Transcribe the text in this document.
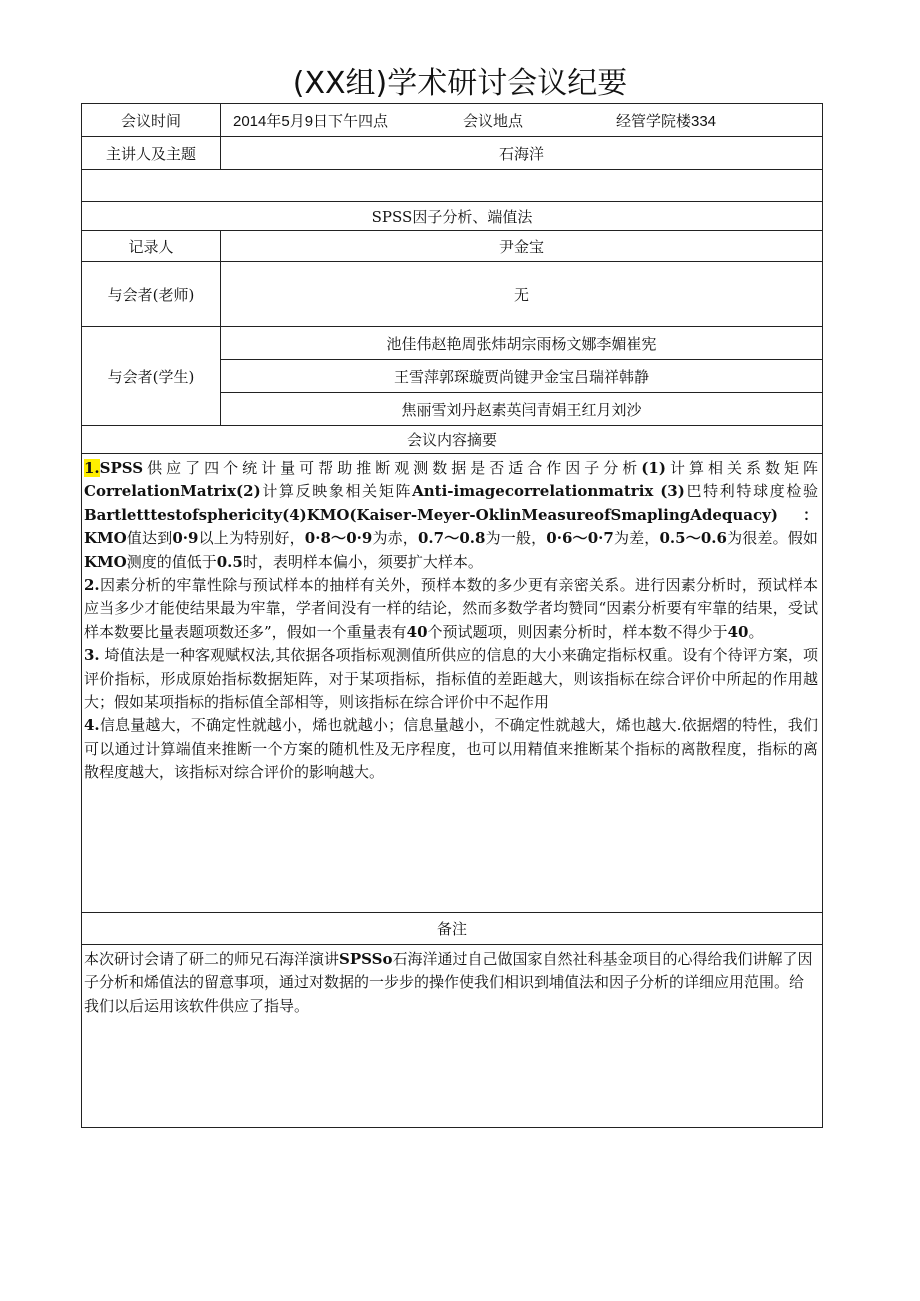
(XX组)学术研讨会议纪要
会议时间	2014年5月9日下午四点 会议地点 经管学院楼334
主讲人及主题	石海洋

SPSS因子分析、端值法	
记录人	尹金宝
与会者(老师)	无
与会者(学生)	池佳伟赵艳周张炜胡宗雨杨文娜李媚崔宪
	王雪萍郭琛璇贾尚键尹金宝吕瑞祥韩静
	焦丽雪刘丹赵素英闫青娟王红月刘沙
会议内容摘要	

1.SPSS供应了四个统计量可帮助推断观测数据是否适合作因子分析(1)计算相关系数矩阵CorrelationMatrix(2)计算反映象相关矩阵Anti-imagecorrelationmatrix (3)巴特利特球度检验Bartletttestofsphericity(4)KMO(Kaiser-Meyer-OklinMeasureofSmaplingAdequacy)：KMO值达到0·9以上为特别好，0·8～0·9为赤，0.7～0.8为一般，0·6～0·7为差，0.5～0.6为很差。假如KMO测度的值低于0.5时，表明样本偏小，须要扩大样本。

2.因素分析的牢靠性除与预试样本的抽样有关外，预样本数的多少更有亲密关系。进行因素分析时，预试样本应当多少才能使结果最为牢靠，学者间没有一样的结论，然而多数学者均赞同“因素分析要有牢靠的结果，受试样本数要比量表题项数还多”，假如一个重量表有40个预试题项，则因素分析时，样本数不得少于40。

3. 埼值法是一种客观赋权法,其依据各项指标观测值所供应的信息的大小来确定指标权重。设有个待评方案，项评价指标，形成原始指标数据矩阵，对于某项指标，指标值的差距越大，则该指标在综合评价中所起的作用越大；假如某项指标的指标值全部相等，则该指标在综合评价中不起作用

4.信息量越大，不确定性就越小，烯也就越小；信息量越小，不确定性就越大，烯也越大.依据熠的特性，我们可以通过计算端值来推断一个方案的随机性及无序程度，也可以用精值来推断某个指标的离散程度，指标的离散程度越大，该指标对综合评价的影响越大。	

备注	
本次研讨会请了研二的师兄石海洋演讲SPSSo石海洋通过自己做国家自然社科基金项目的心得给我们讲解了因子分析和烯值法的留意事项，通过对数据的一步步的操作使我们相识到埔值法和因子分析的详细应用范围。给我们以后运用该软件供应了指导。	
